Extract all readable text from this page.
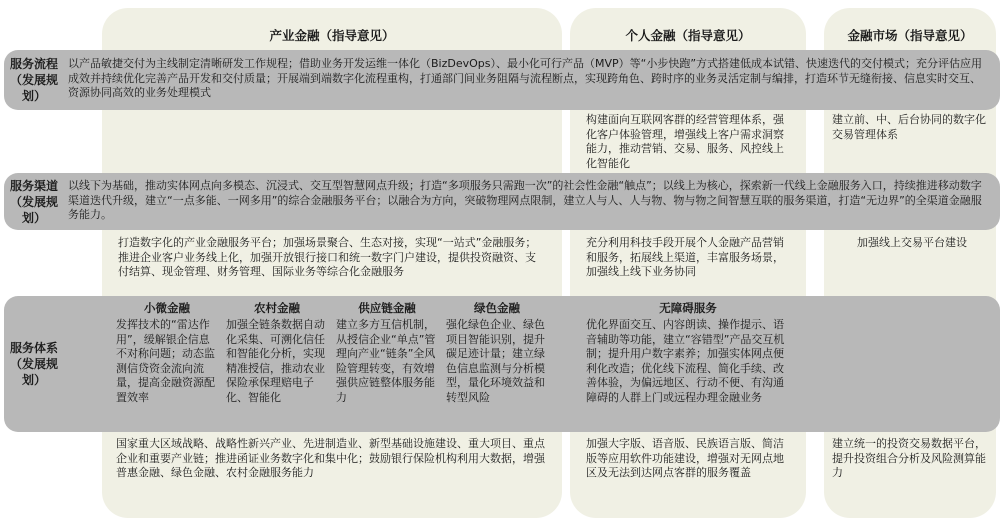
产业金融（指导意见）	个人金融（指导意见）	金融市场（指导意见）
服务流程（发展规划）
以产品敏捷交付为主线制定清晰研发工作规程；借助业务开发运维一体化（BizDevOps）、最小化可行产品（MVP）等“小步快跑”方式搭建低成本试错、快速迭代的交付模式；充分评估应用成效并持续优化完善产品开发和交付质量；开展端到端数字化流程重构，打通部门间业务阻隔与流程断点，实现跨角色、跨时序的业务灵活定制与编排，打造环节无缝衔接、信息实时交互、资源协同高效的业务处理模式
构建面向互联网客群的经营管理体系，强化客户体验管理，增强线上客户需求洞察能力，推动营销、交易、服务、风控线上化智能化
建立前、中、后台协同的数字化交易管理体系
服务渠道（发展规划）
以线下为基础，推动实体网点向多模态、沉浸式、交互型智慧网点升级；打造“多项服务只需跑一次”的社会性金融“触点”；以线上为核心，探索新一代线上金融服务入口，持续推进移动数字渠道迭代升级，建立“一点多能、一网多用”的综合金融服务平台；以融合为方向，突破物理网点限制，建立人与人、人与物、物与物之间智慧互联的服务渠道，打造“无边界”的全渠道金融服务能力。
打造数字化的产业金融服务平台；加强场景聚合、生态对接，实现“一站式”金融服务；推进企业客户业务线上化，加强开放银行接口和统一数字门户建设，提供投资融资、支付结算、现金管理、财务管理、国际业务等综合化金融服务
充分利用科技手段开展个人金融产品营销和服务，拓展线上渠道，丰富服务场景，加强线上线下业务协同
加强线上交易平台建设
服务体系（发展规划）
小微金融
发挥技术的“雷达作用”，缓解银企信息不对称问题；动态监测信贷资金流向流量，提高金融资源配置效率
农村金融
加强全链条数据自动化采集、可溯化信任和智能化分析，实现精准授信，推动农业保险承保理赔电子化、智能化
供应链金融
建立多方互信机制，从授信企业“单点”管理向产业“链条”全风险管理转变，有效增强供应链整体服务能力
绿色金融
强化绿色企业、绿色项目智能识别，提升碳足迹计量；建立绿色信息监测与分析模型，量化环境效益和转型风险
无障碍服务
优化界面交互、内容朗读、操作提示、语音辅助等功能，建立“容错型”产品交互机制；提升用户数字素养；加强实体网点便利化改造；优化线下流程、简化手续、改善体验，为偏远地区、行动不便、有沟通障碍的人群上门或远程办理金融业务
国家重大区域战略、战略性新兴产业、先进制造业、新型基础设施建设、重大项目、重点企业和重要产业链；推进函证业务数字化和集中化；鼓励银行保险机构利用大数据，增强普惠金融、绿色金融、农村金融服务能力
加强大字版、语音版、民族语言版、简洁版等应用软件功能建设，增强对无网点地区及无法到达网点客群的服务覆盖
建立统一的投资交易数据平台，提升投资组合分析及风险测算能力
